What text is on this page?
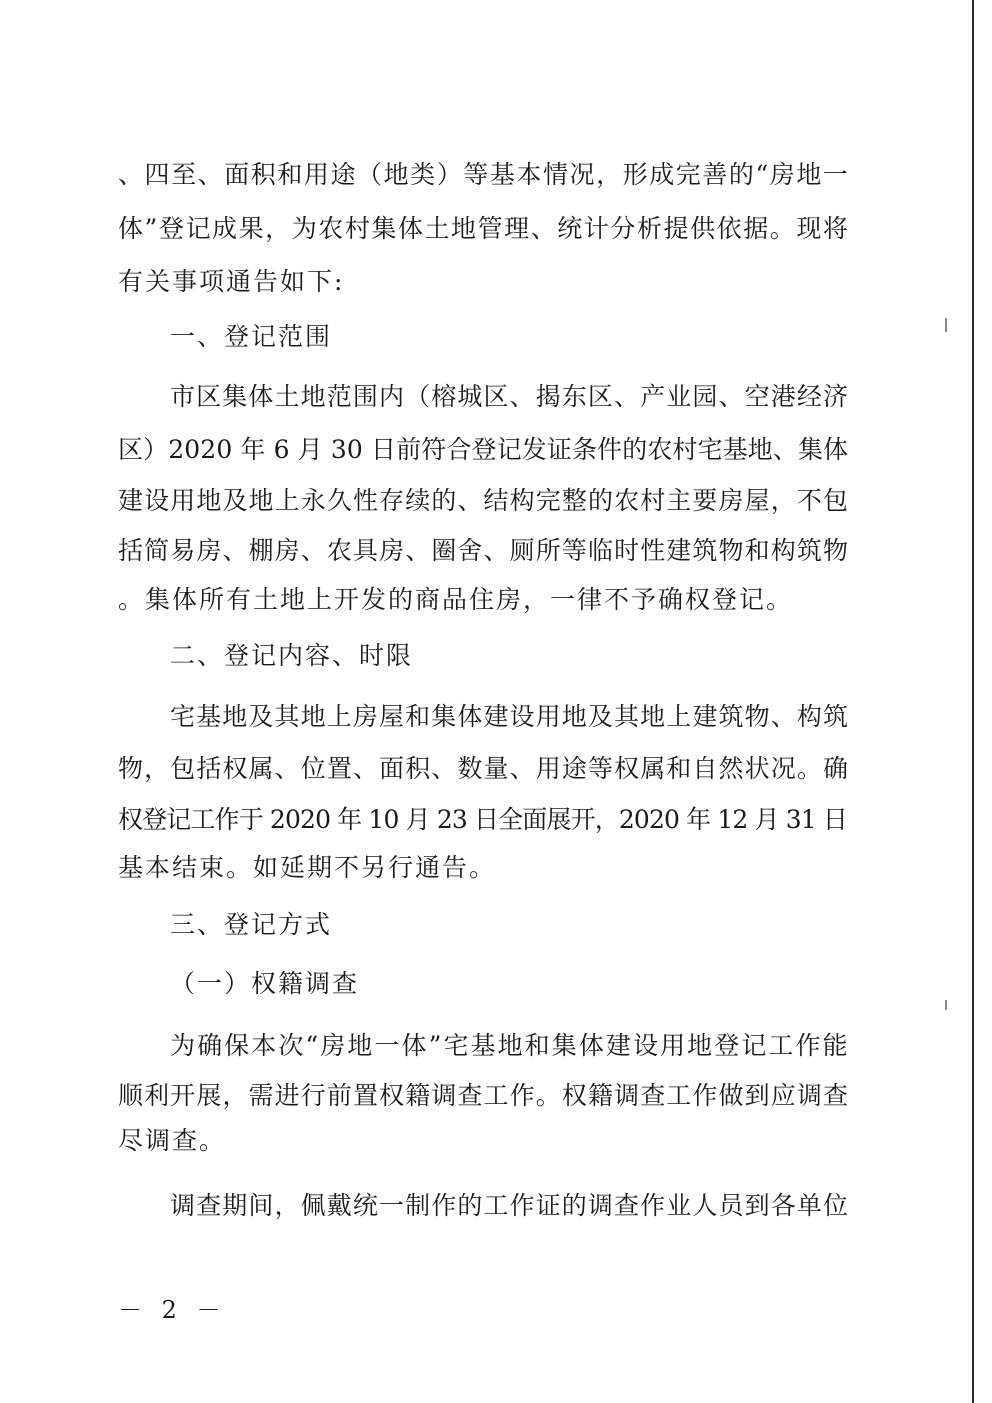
、四至、面积和用途（地类）等基本情况，形成完善的“房地一
体”登记成果，为农村集体土地管理、统计分析提供依据。现将
有关事项通告如下:
一、登记范围
市区集体土地范围内（榕城区、揭东区、产业园、空港经济
区）2020 年 6 月 30 日前符合登记发证条件的农村宅基地、集体
建设用地及地上永久性存续的、结构完整的农村主要房屋，不包
括简易房、棚房、农具房、圈舍、厕所等临时性建筑物和构筑物
。集体所有土地上开发的商品住房，一律不予确权登记。
二、登记内容、时限
宅基地及其地上房屋和集体建设用地及其地上建筑物、构筑
物，包括权属、位置、面积、数量、用途等权属和自然状况。确
权登记工作于 2020 年 10 月 23 日全面展开，2020 年 12 月 31 日
基本结束。如延期不另行通告。
三、登记方式
（一）权籍调查
为确保本次“房地一体”宅基地和集体建设用地登记工作能
顺利开展，需进行前置权籍调查工作。权籍调查工作做到应调查
尽调查。
调查期间，佩戴统一制作的工作证的调查作业人员到各单位
－ 2 －
